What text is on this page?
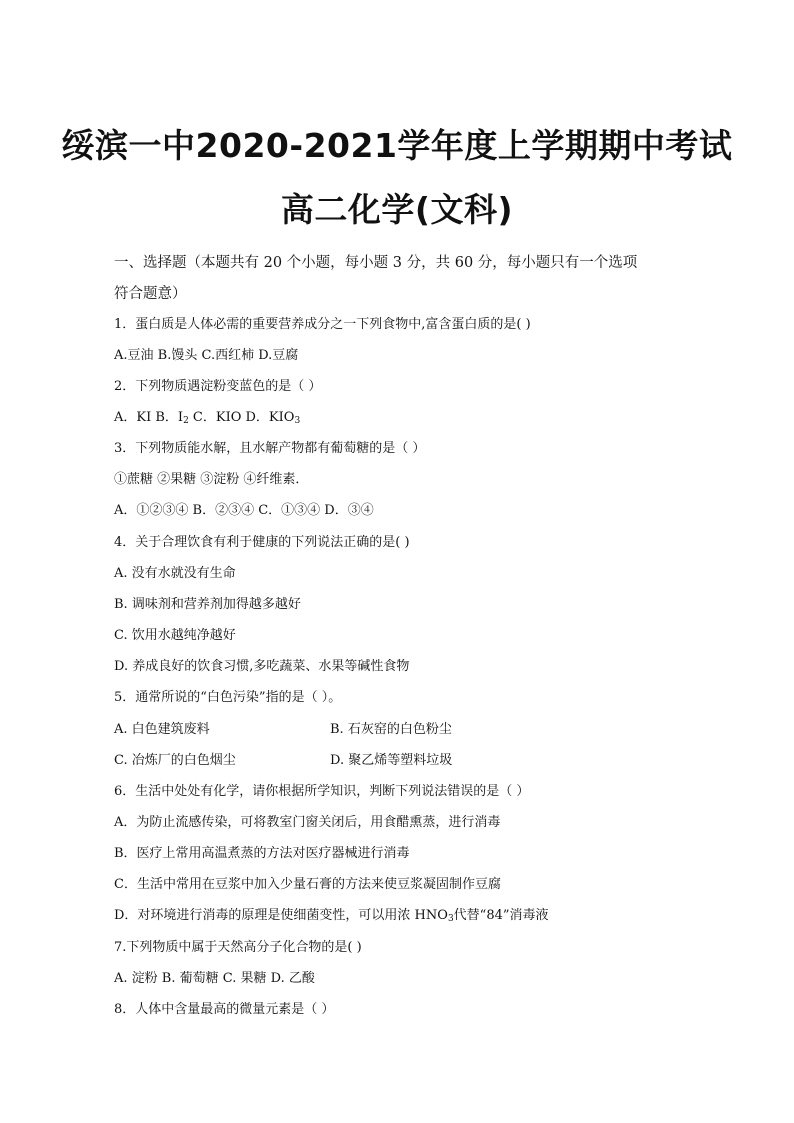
绥滨一中2020-2021学年度上学期期中考试
高二化学(文科)
一、选择题（本题共有 20 个小题，每小题 3 分，共 60 分，每小题只有一个选项
符合题意）
1．蛋白质是人体必需的重要营养成分之一下列食物中,富含蛋白质的是( )
A.豆油 B.馒头 C.西红柿 D.豆腐
2．下列物质遇淀粉变蓝色的是（ ）
A．KI B．$I_2$ C．KIO D．$KIO_3$
3．下列物质能水解，且水解产物都有葡萄糖的是（ ）
①蔗糖 ②果糖 ③淀粉 ④纤维素．
A．①②③④ B．②③④ C．①③④ D．③④
4．关于合理饮食有利于健康的下列说法正确的是( )
A. 没有水就没有生命
B. 调味剂和营养剂加得越多越好
C. 饮用水越纯净越好
D. 养成良好的饮食习惯,多吃蔬菜、水果等碱性食物
5．通常所说的“白色污染”指的是（ ）。
A. 白色建筑废料	B. 石灰窑的白色粉尘
C. 冶炼厂的白色烟尘	D. 聚乙烯等塑料垃圾
6．生活中处处有化学，请你根据所学知识，判断下列说法错误的是（ ）
A．为防止流感传染，可将教室门窗关闭后，用食醋熏蒸，进行消毒
B．医疗上常用高温煮蒸的方法对医疗器械进行消毒
C．生活中常用在豆浆中加入少量石膏的方法来使豆浆凝固制作豆腐
D．对环境进行消毒的原理是使细菌变性，可以用浓 $HNO_3$代替“84”消毒液
7.下列物质中属于天然高分子化合物的是( )
A. 淀粉 B. 葡萄糖 C. 果糖 D. 乙酸
8．人体中含量最高的微量元素是（ ）
